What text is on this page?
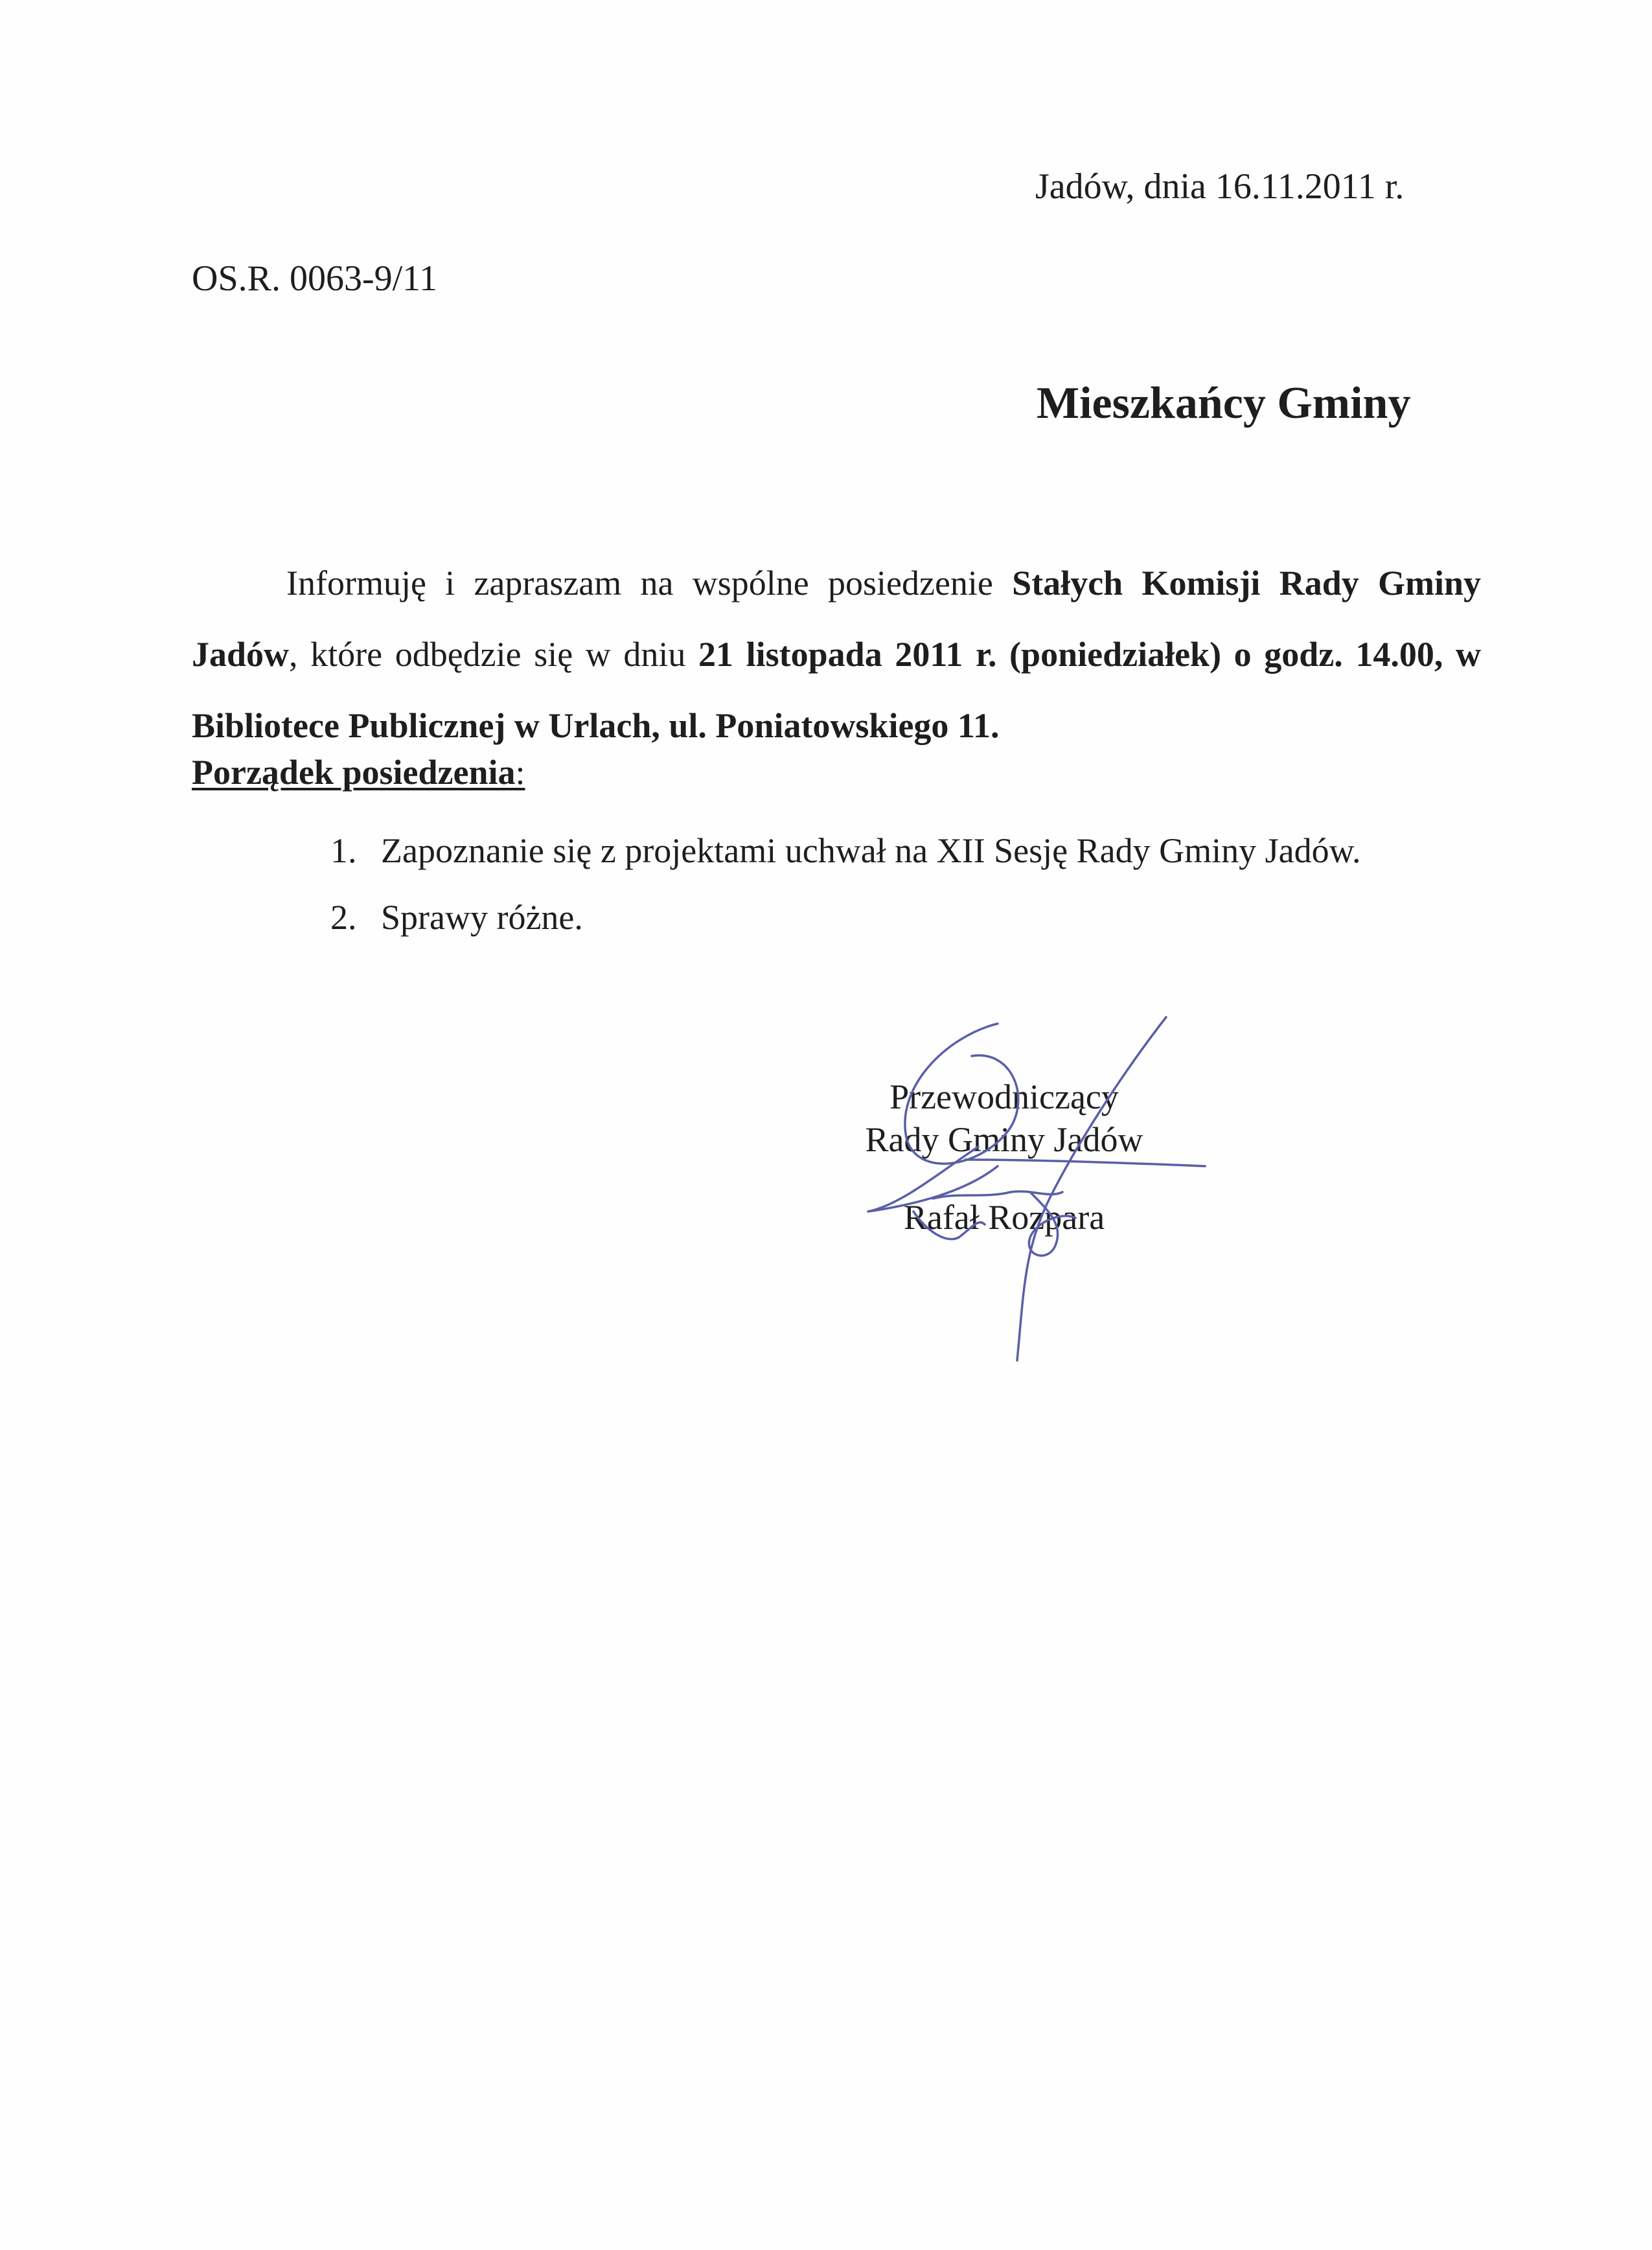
Jadów, dnia 16.11.2011 r.
OS.R. 0063-9/11
Mieszkańcy Gminy
Informuję i zapraszam na wspólne posiedzenie Stałych Komisji Rady Gminy Jadów, które odbędzie się w dniu 21 listopada 2011 r. (poniedziałek) o godz. 14.00, w Bibliotece Publicznej w Urlach, ul. Poniatowskiego 11.
Porządek posiedzenia:
1. Zapoznanie się z projektami uchwał na XII Sesję Rady Gminy Jadów.
2. Sprawy różne.
Przewodniczący
Rady Gminy Jadów
Rafał Rozpara
